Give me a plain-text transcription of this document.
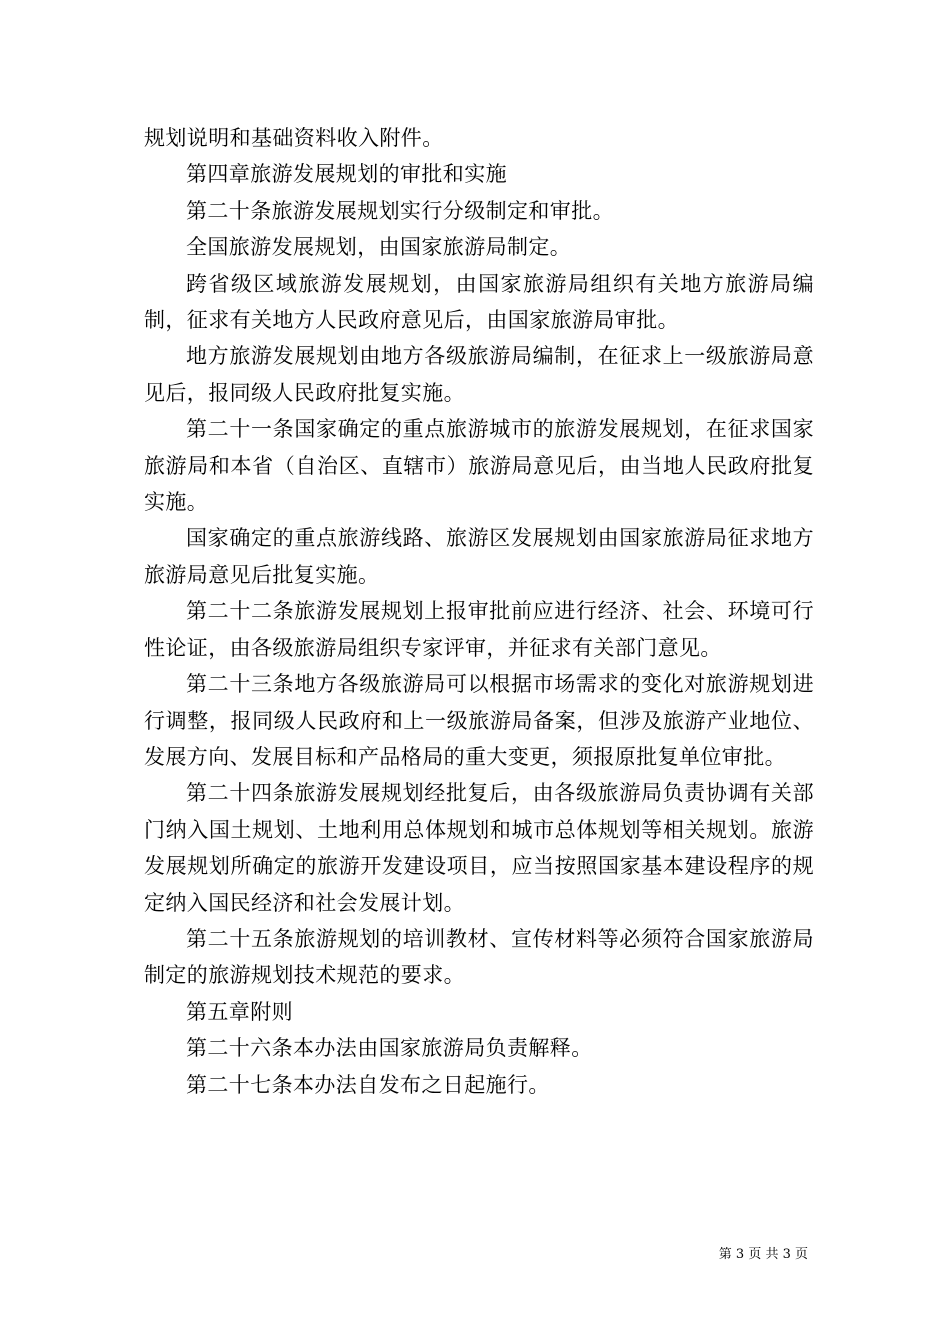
规划说明和基础资料收入附件。

第四章旅游发展规划的审批和实施

第二十条旅游发展规划实行分级制定和审批。

全国旅游发展规划，由国家旅游局制定。

跨省级区域旅游发展规划，由国家旅游局组织有关地方旅游局编制，征求有关地方人民政府意见后，由国家旅游局审批。

地方旅游发展规划由地方各级旅游局编制，在征求上一级旅游局意见后，报同级人民政府批复实施。

第二十一条国家确定的重点旅游城市的旅游发展规划，在征求国家旅游局和本省（自治区、直辖市）旅游局意见后，由当地人民政府批复实施。

国家确定的重点旅游线路、旅游区发展规划由国家旅游局征求地方旅游局意见后批复实施。

第二十二条旅游发展规划上报审批前应进行经济、社会、环境可行性论证，由各级旅游局组织专家评审，并征求有关部门意见。

第二十三条地方各级旅游局可以根据市场需求的变化对旅游规划进行调整，报同级人民政府和上一级旅游局备案，但涉及旅游产业地位、发展方向、发展目标和产品格局的重大变更，须报原批复单位审批。

第二十四条旅游发展规划经批复后，由各级旅游局负责协调有关部门纳入国土规划、土地利用总体规划和城市总体规划等相关规划。旅游发展规划所确定的旅游开发建设项目，应当按照国家基本建设程序的规定纳入国民经济和社会发展计划。

第二十五条旅游规划的培训教材、宣传材料等必须符合国家旅游局制定的旅游规划技术规范的要求。

第五章附则

第二十六条本办法由国家旅游局负责解释。

第二十七条本办法自发布之日起施行。

第 3 页 共 3 页
